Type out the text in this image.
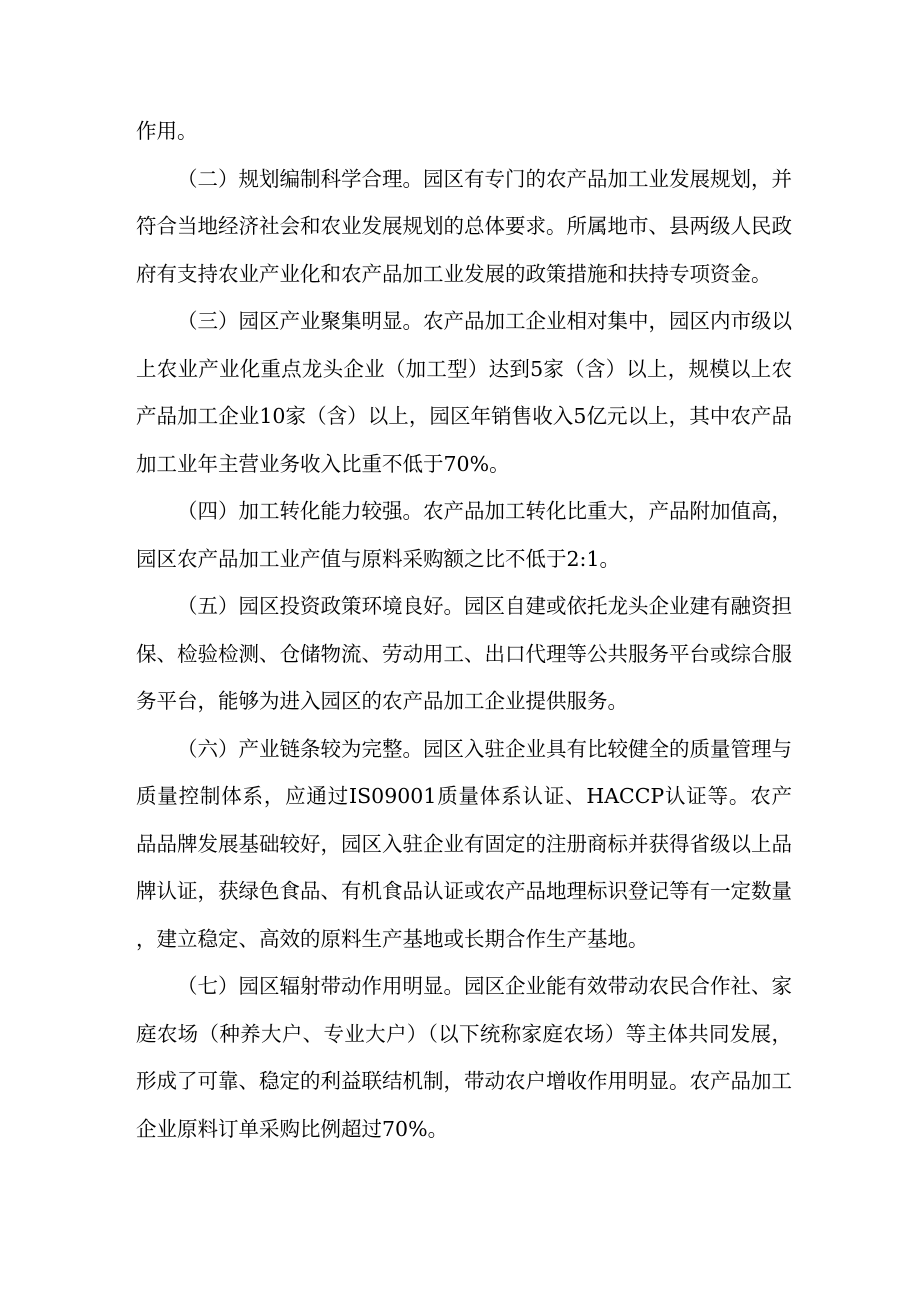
作用。

（二）规划编制科学合理。园区有专门的农产品加工业发展规划，并符合当地经济社会和农业发展规划的总体要求。所属地市、县两级人民政府有支持农业产业化和农产品加工业发展的政策措施和扶持专项资金。

（三）园区产业聚集明显。农产品加工企业相对集中，园区内市级以上农业产业化重点龙头企业（加工型）达到5家（含）以上，规模以上农产品加工企业10家（含）以上，园区年销售收入5亿元以上，其中农产品加工业年主营业务收入比重不低于70%。

（四）加工转化能力较强。农产品加工转化比重大，产品附加值高，园区农产品加工业产值与原料采购额之比不低于2:1。

（五）园区投资政策环境良好。园区自建或依托龙头企业建有融资担保、检验检测、仓储物流、劳动用工、出口代理等公共服务平台或综合服务平台，能够为进入园区的农产品加工企业提供服务。

（六）产业链条较为完整。园区入驻企业具有比较健全的质量管理与质量控制体系，应通过IS09001质量体系认证、HACCP认证等。农产品品牌发展基础较好，园区入驻企业有固定的注册商标并获得省级以上品牌认证，获绿色食品、有机食品认证或农产品地理标识登记等有一定数量，建立稳定、高效的原料生产基地或长期合作生产基地。

（七）园区辐射带动作用明显。园区企业能有效带动农民合作社、家庭农场（种养大户、专业大户）（以下统称家庭农场）等主体共同发展，形成了可靠、稳定的利益联结机制，带动农户增收作用明显。农产品加工企业原料订单采购比例超过70%。
